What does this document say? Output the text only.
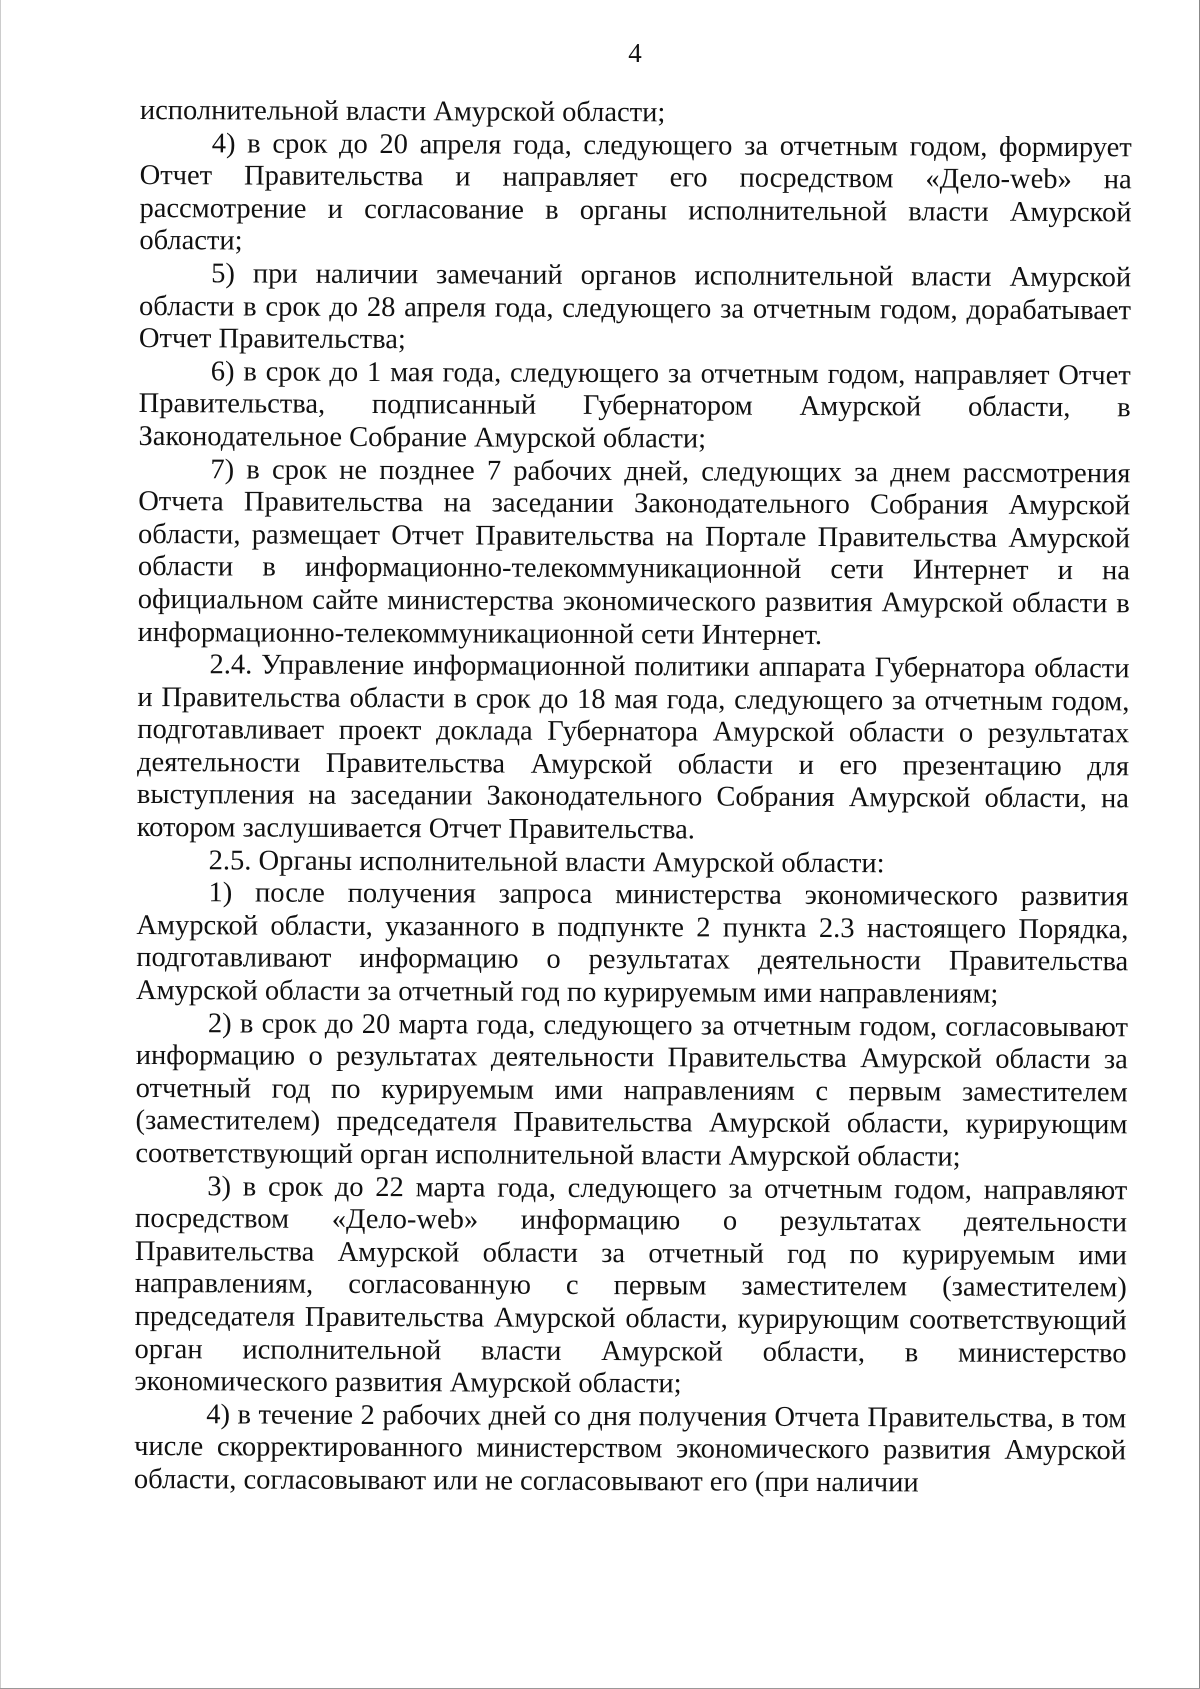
4

исполнительной власти Амурской области;

4) в срок до 20 апреля года, следующего за отчетным годом, формирует Отчет Правительства и направляет его посредством «Дело-web» на рассмотрение и согласование в органы исполнительной власти Амурской области;

5) при наличии замечаний органов исполнительной власти Амурской области в срок до 28 апреля года, следующего за отчетным годом, дорабатывает Отчет Правительства;

6) в срок до 1 мая года, следующего за отчетным годом, направляет Отчет Правительства, подписанный Губернатором Амурской области, в Законодательное Собрание Амурской области;

7) в срок не позднее 7 рабочих дней, следующих за днем рассмотрения Отчета Правительства на заседании Законодательного Собрания Амурской области, размещает Отчет Правительства на Портале Правительства Амурской области в информационно-телекоммуникационной сети Интернет и на официальном сайте министерства экономического развития Амурской области в информационно-телекоммуникационной сети Интернет.

2.4. Управление информационной политики аппарата Губернатора области и Правительства области в срок до 18 мая года, следующего за отчетным годом, подготавливает проект доклада Губернатора Амурской области о результатах деятельности Правительства Амурской области и его презентацию для выступления на заседании Законодательного Собрания Амурской области, на котором заслушивается Отчет Правительства.

2.5. Органы исполнительной власти Амурской области:

1) после получения запроса министерства экономического развития Амурской области, указанного в подпункте 2 пункта 2.3 настоящего Порядка, подготавливают информацию о результатах деятельности Правительства Амурской области за отчетный год по курируемым ими направлениям;

2) в срок до 20 марта года, следующего за отчетным годом, согласовывают информацию о результатах деятельности Правительства Амурской области за отчетный год по курируемым ими направлениям с первым заместителем (заместителем) председателя Правительства Амурской области, курирующим соответствующий орган исполнительной власти Амурской области;

3) в срок до 22 марта года, следующего за отчетным годом, направляют посредством «Дело-web» информацию о результатах деятельности Правительства Амурской области за отчетный год по курируемым ими направлениям, согласованную с первым заместителем (заместителем) председателя Правительства Амурской области, курирующим соответствующий орган исполнительной власти Амурской области, в министерство экономического развития Амурской области;

4) в течение 2 рабочих дней со дня получения Отчета Правительства, в том числе скорректированного министерством экономического развития Амурской области, согласовывают или не согласовывают его (при наличии
